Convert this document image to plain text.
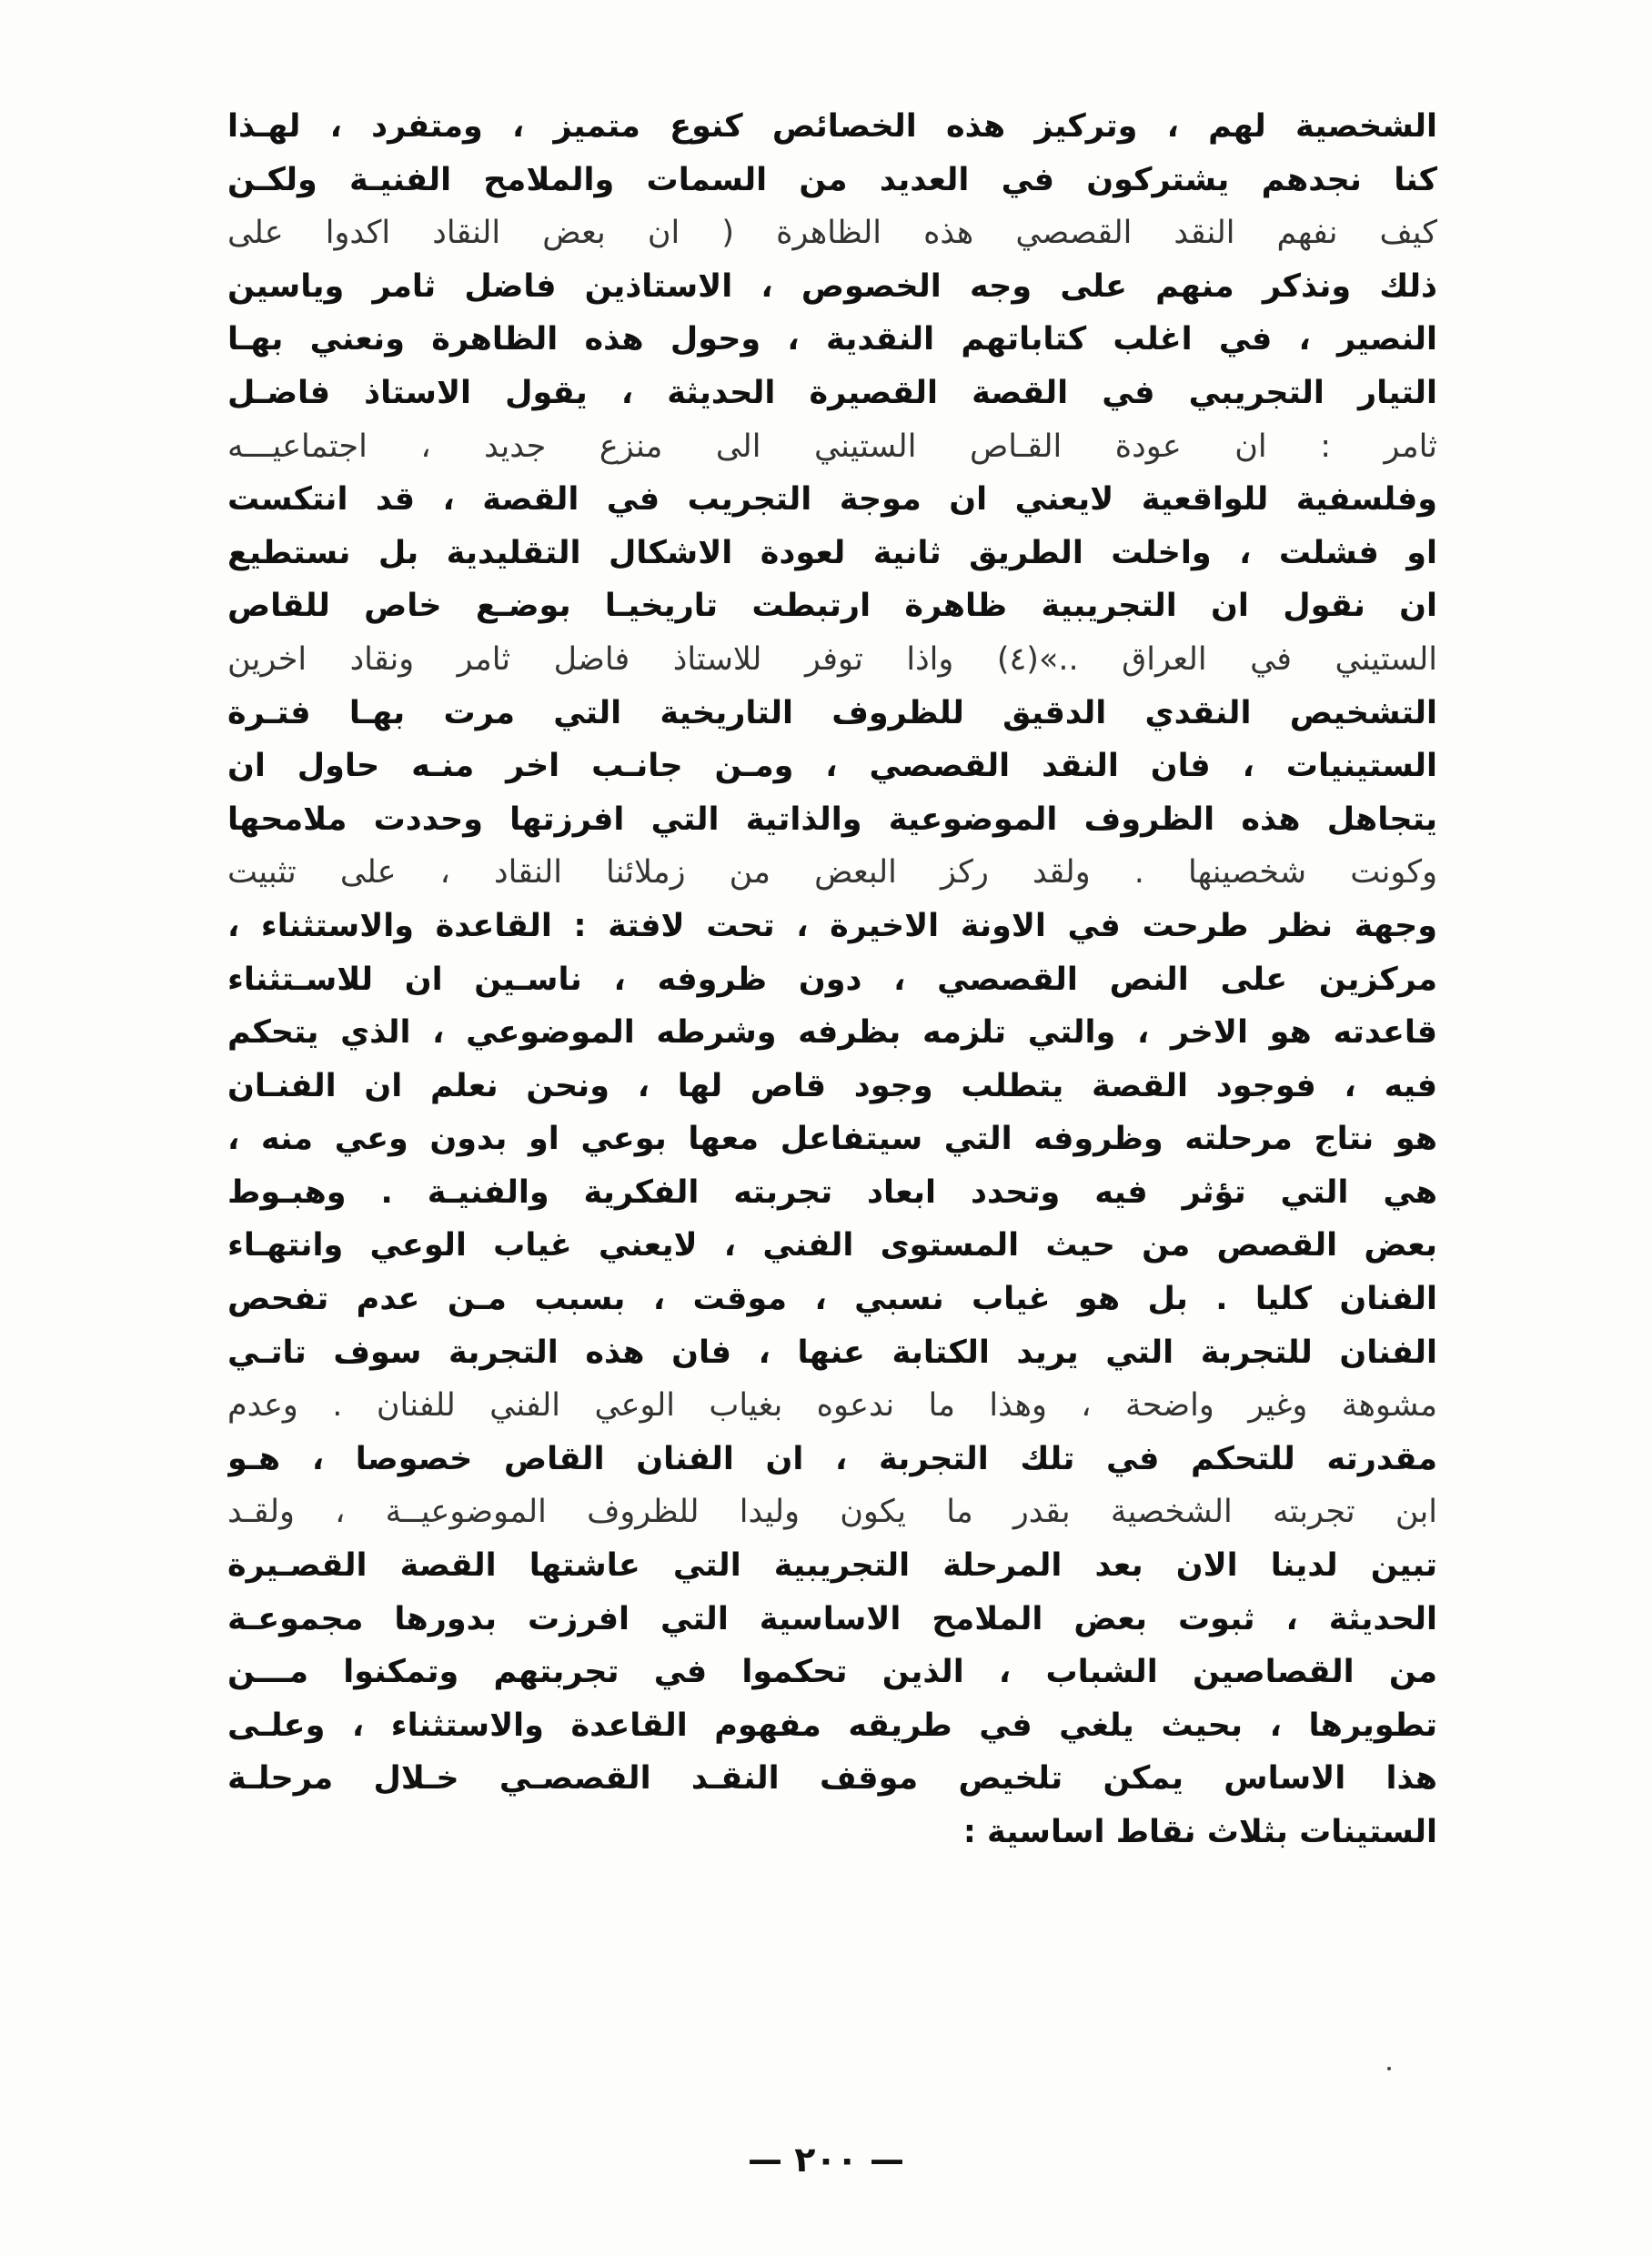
الشخصية لهم ، وتركيز هذه الخصائص كنوع متميز ، ومتفرد ، لهـذا
كنا نجدهم يشتركون في العديد من السمات والملامح الفنيـة ولكـن
كيف نفهم النقد القصصي هذه الظاهرة ( ان بعض النقاد اكدوا على
ذلك ونذكر منهم على وجه الخصوص ، الاستاذين فاضل ثامر وياسين
النصير ، في اغلب كتاباتهم النقدية ، وحول هذه الظاهرة ونعني بهـا
التيار التجريبي في القصة القصيرة الحديثة ، يقول الاستاذ فاضـل
ثامر : ان عودة القـاص الستيني الى منزع جديد ، اجتماعيـــه
وفلسفية للواقعية لايعني ان موجة التجريب في القصة ، قد انتكست
او فشلت ، واخلت الطريق ثانية لعودة الاشكال التقليدية بل نستطيع
ان نقول ان التجريبية ظاهرة ارتبطت تاريخيـا بوضـع خاص للقاص
الستيني في العراق ..»(٤) واذا توفر للاستاذ فاضل ثامر ونقاد اخرين
التشخيص النقدي الدقيق للظروف التاريخية التي مرت بهـا فتـرة
الستينيات ، فان النقد القصصي ، ومـن جانـب اخر منـه حاول ان
يتجاهل هذه الظروف الموضوعية والذاتية التي افرزتها وحددت ملامحها
وكونت شخصينها . ولقد ركز البعض من زملائنا النقاد ، على تثبيت
وجهة نظر طرحت في الاونة الاخيرة ، تحت لافتة : القاعدة والاستثناء ،
مركزين على النص القصصي ، دون ظروفه ، ناسـين ان للاسـتثناء
قاعدته هو الاخر ، والتي تلزمه بظرفه وشرطه الموضوعي ، الذي يتحكم
فيه ، فوجود القصة يتطلب وجود قاص لها ، ونحن نعلم ان الفنـان
هو نتاج مرحلته وظروفه التي سيتفاعل معها بوعي او بدون وعي منه ،
هي التي تؤثر فيه وتحدد ابعاد تجربته الفكرية والفنيـة . وهبـوط
بعض القصص من حيث المستوى الفني ، لايعني غياب الوعي وانتهـاء
الفنان كليا . بل هو غياب نسبي ، موقت ، بسبب مـن عدم تفحص
الفنان للتجربة التي يريد الكتابة عنها ، فان هذه التجربة سوف تاتـي
مشوهة وغير واضحة ، وهذا ما ندعوه بغياب الوعي الفني للفنان . وعدم
مقدرته للتحكم في تلك التجربة ، ان الفنان القاص خصوصا ، هـو
ابن تجربته الشخصية بقدر ما يكون وليدا للظروف الموضوعيــة ، ولقـد
تبين لدينا الان بعد المرحلة التجريبية التي عاشتها القصة القصـيرة
الحديثة ، ثبوت بعض الملامح الاساسية التي افرزت بدورها مجموعـة
من القصاصين الشباب ، الذين تحكموا في تجربتهم وتمكنوا مـــن
تطويرها ، بحيث يلغي في طريقه مفهوم القاعدة والاستثناء ، وعلـى
هذا الاساس يمكن تلخيص موقف النقـد القصصـي خـلال مرحلـة
الستينات بثلاث نقاط اساسية :
— ٢٠٠ —
